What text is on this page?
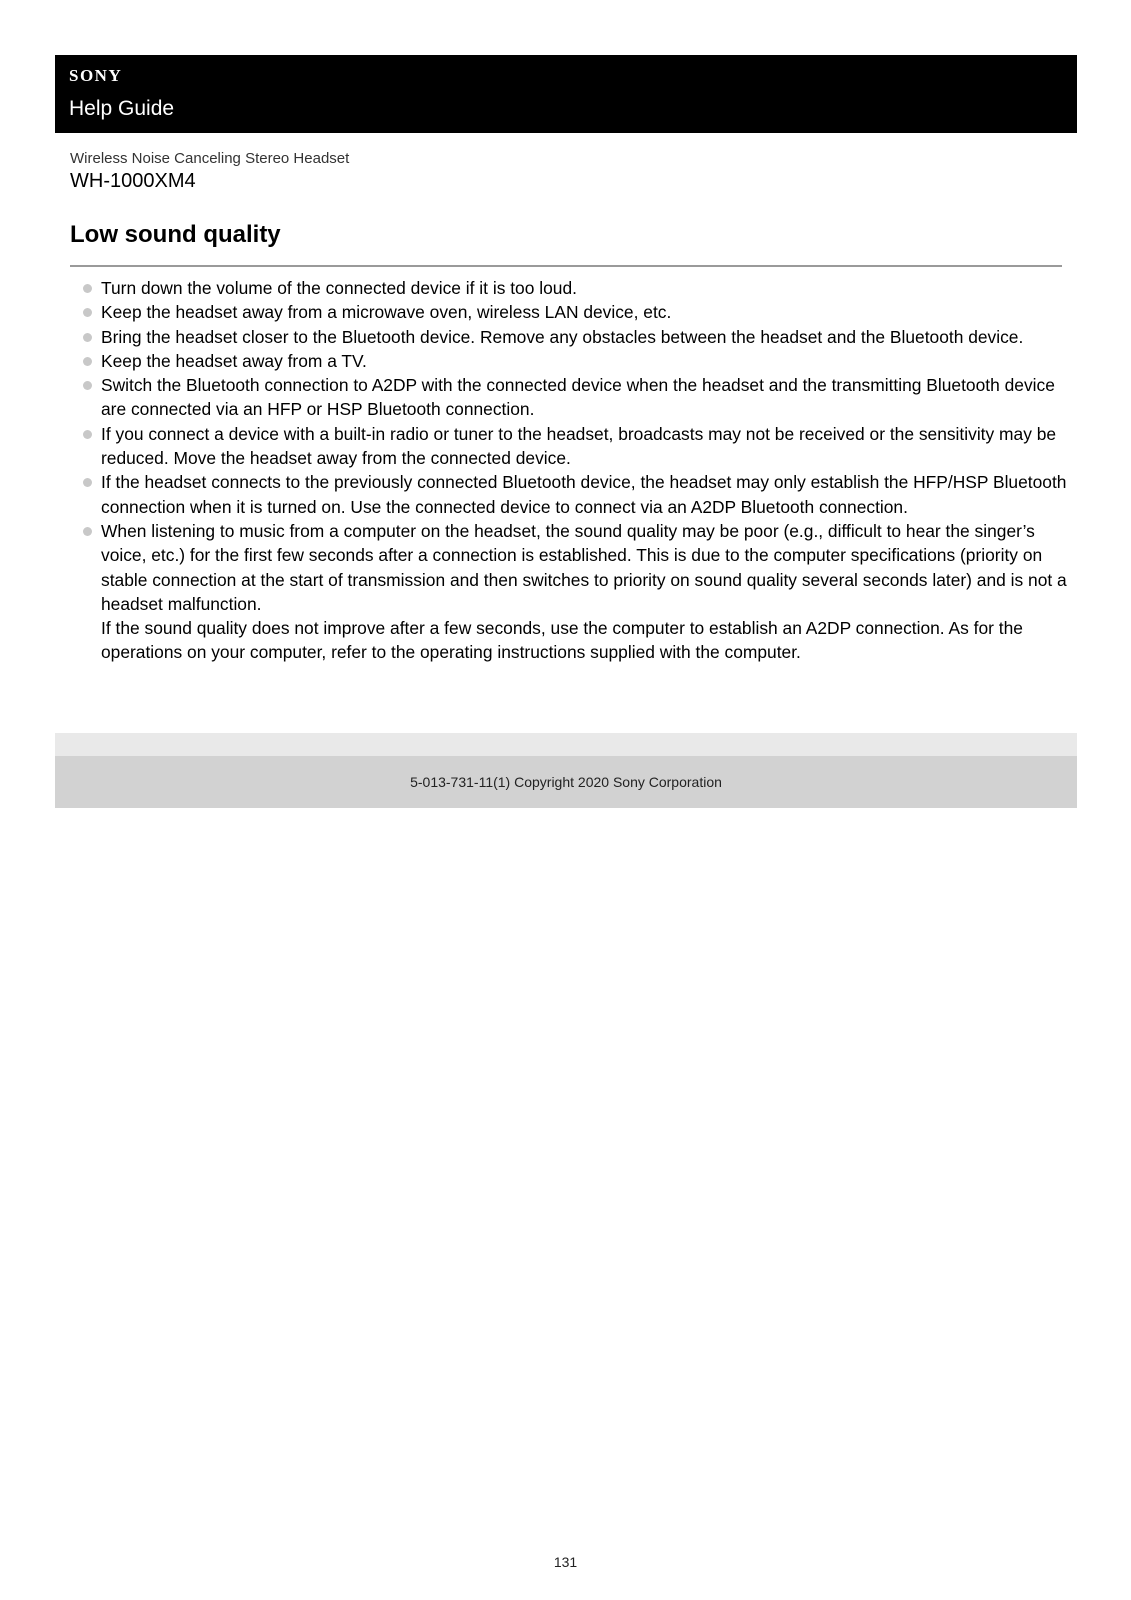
SONY
Help Guide
Wireless Noise Canceling Stereo Headset
WH-1000XM4
Low sound quality
Turn down the volume of the connected device if it is too loud.
Keep the headset away from a microwave oven, wireless LAN device, etc.
Bring the headset closer to the Bluetooth device. Remove any obstacles between the headset and the Bluetooth device.
Keep the headset away from a TV.
Switch the Bluetooth connection to A2DP with the connected device when the headset and the transmitting Bluetooth device are connected via an HFP or HSP Bluetooth connection.
If you connect a device with a built-in radio or tuner to the headset, broadcasts may not be received or the sensitivity may be reduced. Move the headset away from the connected device.
If the headset connects to the previously connected Bluetooth device, the headset may only establish the HFP/HSP Bluetooth connection when it is turned on. Use the connected device to connect via an A2DP Bluetooth connection.
When listening to music from a computer on the headset, the sound quality may be poor (e.g., difficult to hear the singer’s voice, etc.) for the first few seconds after a connection is established. This is due to the computer specifications (priority on stable connection at the start of transmission and then switches to priority on sound quality several seconds later) and is not a headset malfunction.
If the sound quality does not improve after a few seconds, use the computer to establish an A2DP connection. As for the operations on your computer, refer to the operating instructions supplied with the computer.
5-013-731-11(1) Copyright 2020 Sony Corporation
131
